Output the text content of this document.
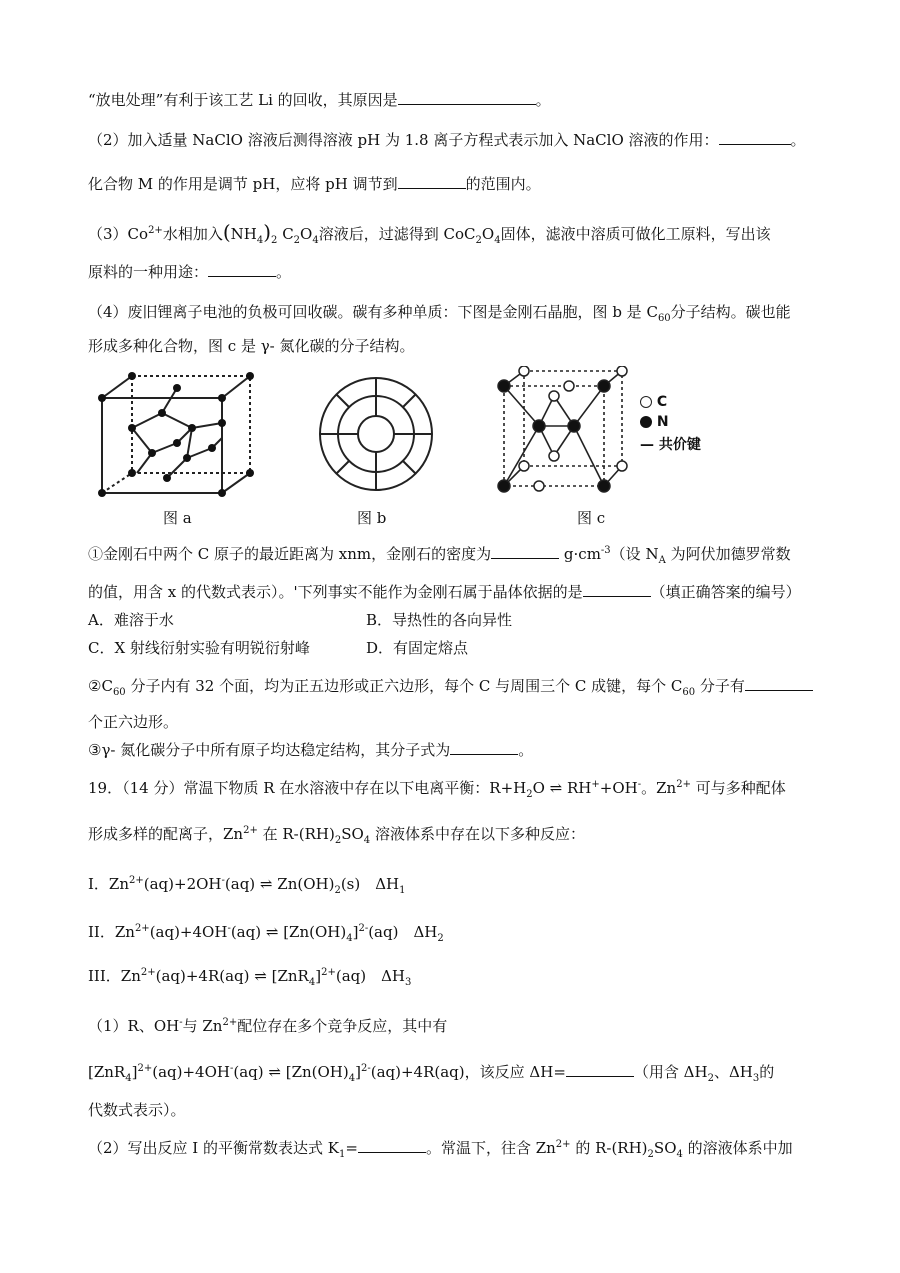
“放电处理”有利于该工艺 Li 的回收，其原因是	。
（2）加入适量 NaClO 溶液后测得溶液 pH 为 1.8 离子方程式表示加入 NaClO 溶液的作用：	。
化合物 M 的作用是调节 pH，应将 pH 调节到	的范围内。
$(3)Co^{2+}$水相加入$(NH_4)_2$ $C_2O_4$溶液后，过滤得到 $CoC_2O_4$固体，滤液中溶质可做化工原料，写出该
原料的一种用途：	。
（4）废旧锂离子电池的负极可回收碳。碳有多种单质：下图是金刚石晶胞，图 b 是 $C_{60}$分子结构。碳也能
形成多种化合物，图 c 是 γ- 氮化碳的分子结构。
图 a	图 b
C
N
— 共价键
图 c
①金刚石中两个 C 原子的最近距离为 xnm，金刚石的密度为	$g\cdot cm^{-3}$（设 $N_A$ 为阿伏加德罗常数
的值，用含 x 的代数式表示）。'下列事实不能作为金刚石属于晶体依据的是	（填正确答案的编号）
A．难溶于水	B．导热性的各向异性
C．X 射线衍射实验有明锐衍射峰	D．有固定熔点
$②C_{60}$ 分子内有 32 个面，均为正五边形或正六边形，每个 C 与周围三个 C 成键，每个 $C_{60}$ 分子有
个正六边形。
③γ- 氮化碳分子中所有原子均达稳定结构，其分子式为	。
19．（14 分）常温下物质 R 在水溶液中存在以下电离平衡：$R+H_2O$ ⇌ RH++OH-。$Zn^{2+}$ 可与多种配体
形成多样的配离子，$Zn^{2+}$ 在 $R-(RH)_2SO_4$ 溶液体系中存在以下多种反应：
I．$Zn^{2+}(aq)+2OH^-(aq)$ ⇌ $Zn(OH)_2(s)$　$\Delta H_1$
II．$Zn^{2+}(aq)+4OH^-(aq)$ ⇌ $[Zn(OH)_4]^{2-}(aq)$　$\Delta H_2$
III．$Zn^{2+}(aq)+4R(aq)$ ⇌ $[ZnR_4]^{2+}(aq)$　$\Delta H_3$
（1）R、OH-与 $Zn^{2+}$配位存在多个竞争反应，其中有
$[ZnR_4]^{2+}(aq)+4OH^-(aq)$ ⇌ $[Zn(OH)_4]^{2-}(aq)+4R(aq)$，该反应 ΔH=	（用含 $\Delta H_2$、$\Delta H_3$的
代数式表示）。
（2）写出反应 I 的平衡常数表达式 $K_1=$	。常温下，往含 $Zn^{2+}$ 的 $R-(RH)_2SO_4$ 的溶液体系中加
